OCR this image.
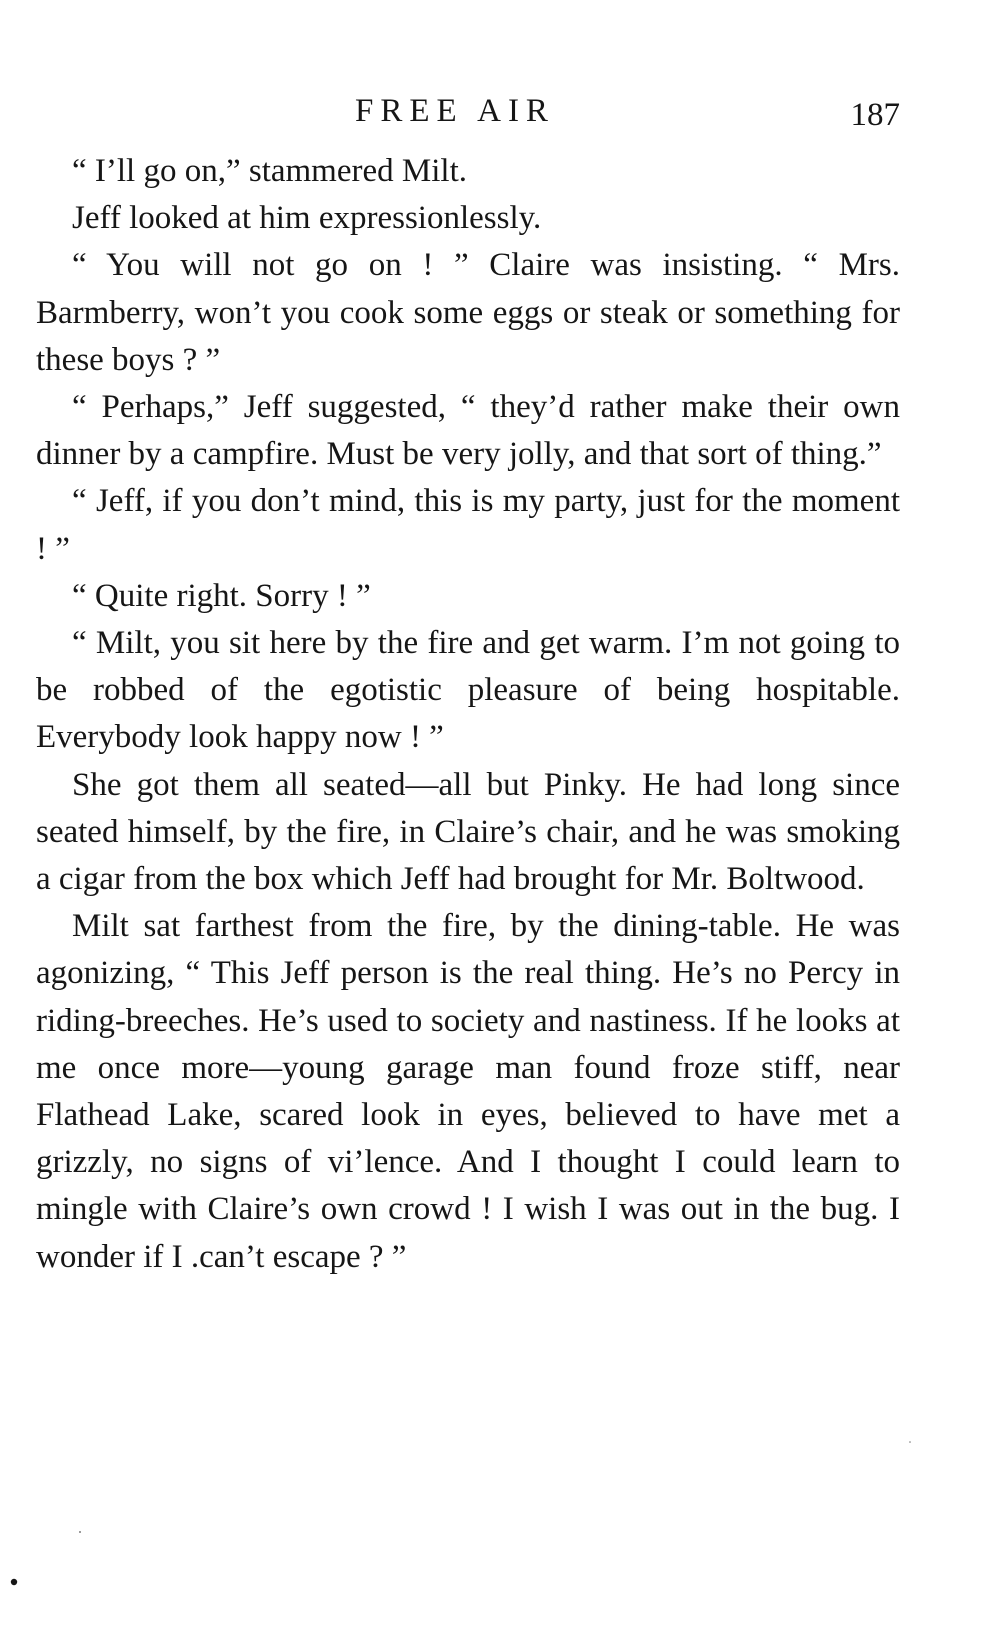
FREE AIR	187

“ I’ll go on,” stammered Milt.

Jeff looked at him expressionlessly.

“ You will not go on ! ” Claire was insisting. “ Mrs. Barmberry, won’t you cook some eggs or steak or something for these boys ? ”

“ Perhaps,” Jeff suggested, “ they’d rather make their own dinner by a campfire. Must be very jolly, and that sort of thing.”

“ Jeff, if you don’t mind, this is my party, just for the moment ! ”

“ Quite right. Sorry ! ”

“ Milt, you sit here by the fire and get warm. I’m not going to be robbed of the egotistic pleasure of being hospitable. Everybody look happy now ! ”

She got them all seated—all but Pinky. He had long since seated himself, by the fire, in Claire’s chair, and he was smoking a cigar from the box which Jeff had brought for Mr. Boltwood.

Milt sat farthest from the fire, by the dining-table. He was agonizing, “ This Jeff person is the real thing. He’s no Percy in riding-breeches. He’s used to society and nastiness. If he looks at me once more—young garage man found froze stiff, near Flathead Lake, scared look in eyes, believed to have met a grizzly, no signs of vi’lence. And I thought I could learn to mingle with Claire’s own crowd ! I wish I was out in the bug. I wonder if I .can’t escape ? ”
